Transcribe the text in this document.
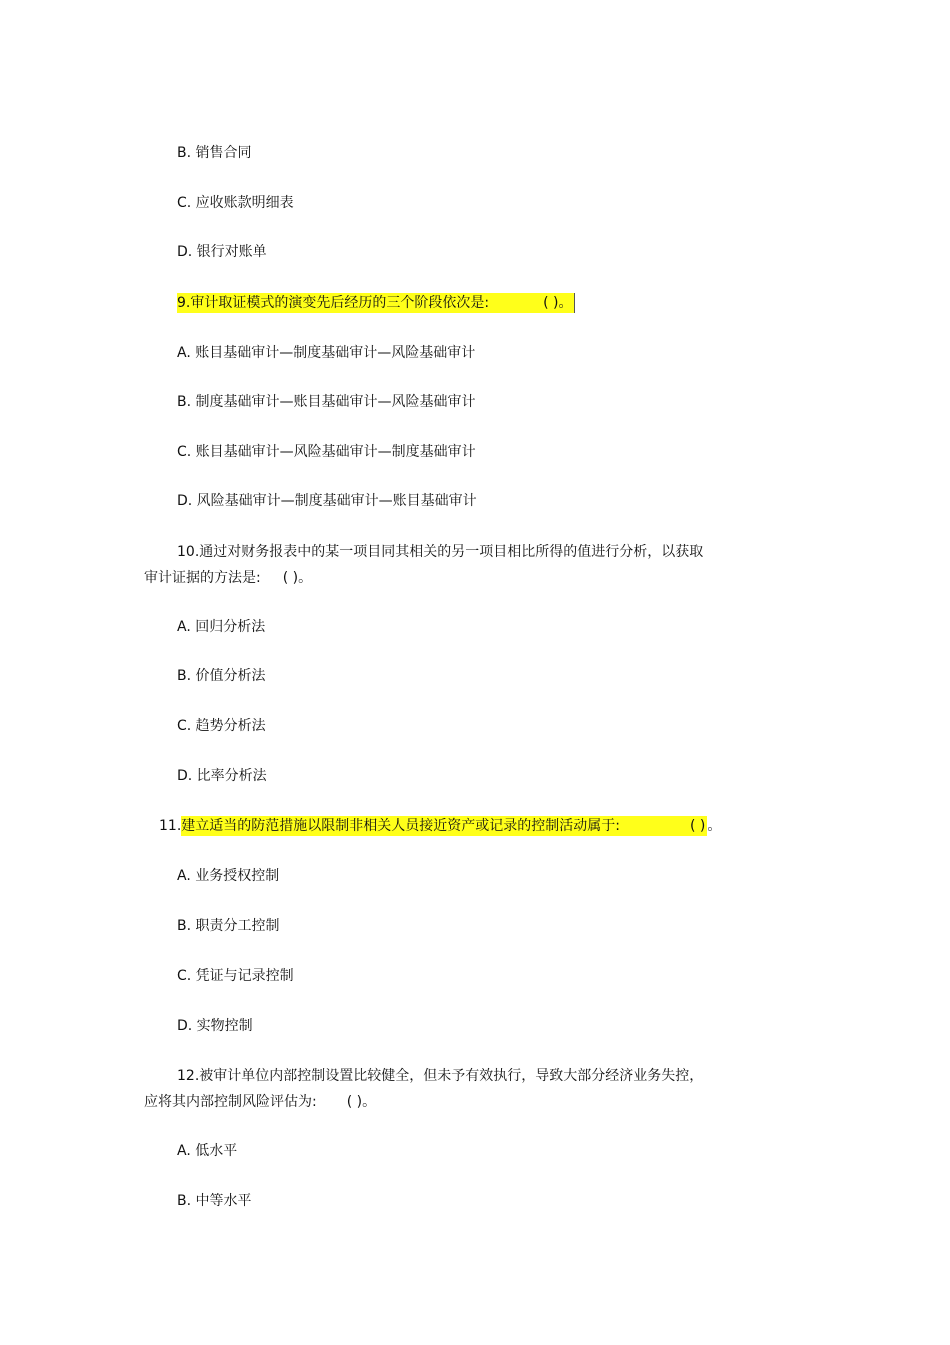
B. 销售合同
C. 应收账款明细表
D. 银行对账单
9.审计取证模式的演变先后经历的三个阶段依次是:	( )。
A. 账目基础审计—制度基础审计—风险基础审计
B. 制度基础审计—账目基础审计—风险基础审计
C. 账目基础审计—风险基础审计—制度基础审计
D. 风险基础审计—制度基础审计—账目基础审计
10.通过对财务报表中的某一项目同其相关的另一项目相比所得的值进行分析，以获取
审计证据的方法是: ( )。
A. 回归分析法
B. 价值分析法
C. 趋势分析法
D. 比率分析法
11.建立适当的防范措施以限制非相关人员接近资产或记录的控制活动属于:	( ) 。
A. 业务授权控制
B. 职责分工控制
C. 凭证与记录控制
D. 实物控制
12.被审计单位内部控制设置比较健全，但未予有效执行，导致大部分经济业务失控，
应将其内部控制风险评估为: ( )。
A. 低水平
B. 中等水平
